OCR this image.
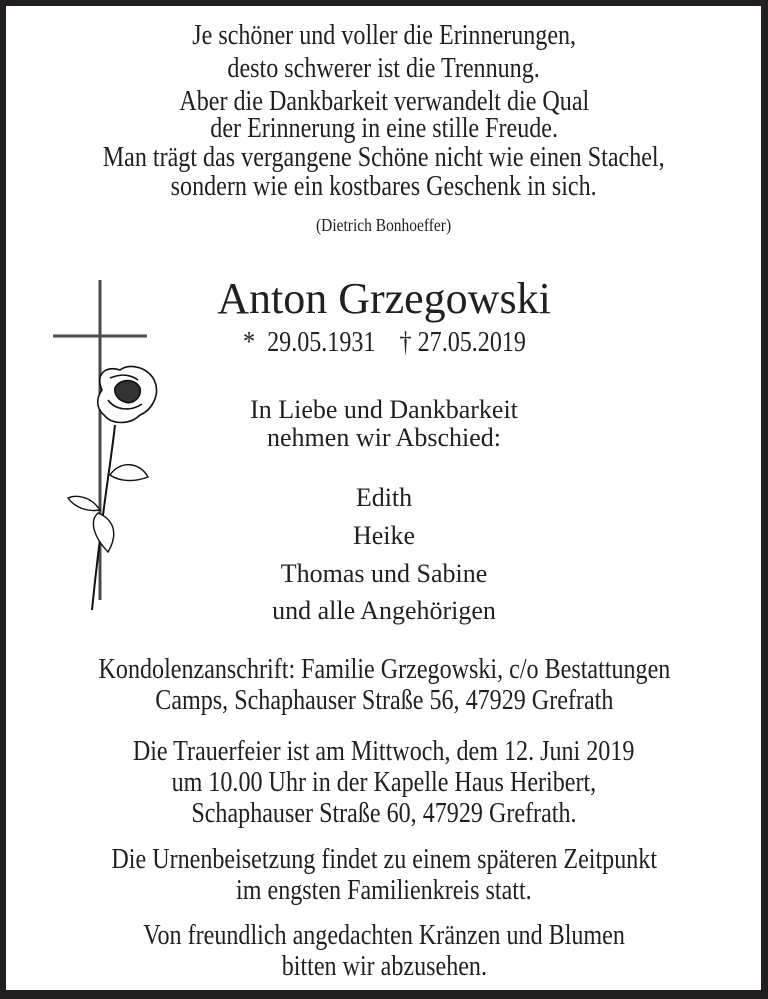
Je schöner und voller die Erinnerungen,
desto schwerer ist die Trennung.
Aber die Dankbarkeit verwandelt die Qual
der Erinnerung in eine stille Freude.
Man trägt das vergangene Schöne nicht wie einen Stachel,
sondern wie ein kostbares Geschenk in sich.
(Dietrich Bonhoeffer)
Anton Grzegowski
* 29.05.1931 † 27.05.2019
In Liebe und Dankbarkeit
nehmen wir Abschied:
Edith
Heike
Thomas und Sabine
und alle Angehörigen
Kondolenzanschrift: Familie Grzegowski, c/o Bestattungen
Camps, Schaphauser Straße 56, 47929 Grefrath
Die Trauerfeier ist am Mittwoch, dem 12. Juni 2019
um 10.00 Uhr in der Kapelle Haus Heribert,
Schaphauser Straße 60, 47929 Grefrath.
Die Urnenbeisetzung findet zu einem späteren Zeitpunkt
im engsten Familienkreis statt.
Von freundlich angedachten Kränzen und Blumen
bitten wir abzusehen.
